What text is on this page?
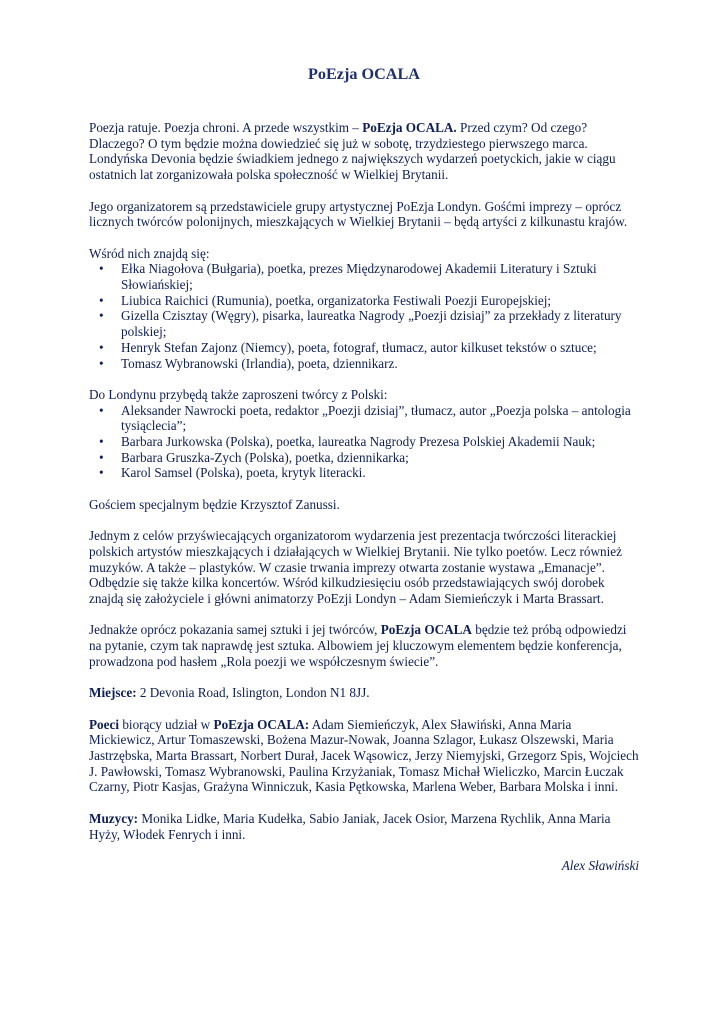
PoEzja OCALA

Poezja ratuje. Poezja chroni. A przede wszystkim – PoEzja OCALA. Przed czym? Od czego? Dlaczego? O tym będzie można dowiedzieć się już w sobotę, trzydziestego pierwszego marca. Londyńska Devonia będzie świadkiem jednego z największych wydarzeń poetyckich, jakie w ciągu ostatnich lat zorganizowała polska społeczność w Wielkiej Brytanii.

Jego organizatorem są przedstawiciele grupy artystycznej PoEzja Londyn. Gośćmi imprezy – oprócz licznych twórców polonijnych, mieszkających w Wielkiej Brytanii – będą artyści z kilkunastu krajów.

Wśród nich znajdą się:

• Ełka Niagołova (Bułgaria), poetka, prezes Międzynarodowej Akademii Literatury i Sztuki Słowiańskiej;
• Liubica Raichici (Rumunia), poetka, organizatorka Festiwali Poezji Europejskiej;
• Gizella Czisztay (Węgry), pisarka, laureatka Nagrody „Poezji dzisiaj” za przekłady z literatury polskiej;
• Henryk Stefan Zajonz (Niemcy), poeta, fotograf, tłumacz, autor kilkuset tekstów o sztuce;
• Tomasz Wybranowski (Irlandia), poeta, dziennikarz.

Do Londynu przybędą także zaproszeni twórcy z Polski:

• Aleksander Nawrocki poeta, redaktor „Poezji dzisiaj”, tłumacz, autor „Poezja polska – antologia tysiąclecia”;
• Barbara Jurkowska (Polska), poetka, laureatka Nagrody Prezesa Polskiej Akademii Nauk;
• Barbara Gruszka-Zych (Polska), poetka, dziennikarka;
• Karol Samsel (Polska), poeta, krytyk literacki.

Gościem specjalnym będzie Krzysztof Zanussi.

Jednym z celów przyświecających organizatorom wydarzenia jest prezentacja twórczości literackiej polskich artystów mieszkających i działających w Wielkiej Brytanii. Nie tylko poetów. Lecz również muzyków. A także – plastyków. W czasie trwania imprezy otwarta zostanie wystawa „Emanacje”. Odbędzie się także kilka koncertów. Wśród kilkudziesięciu osób przedstawiających swój dorobek znajdą się założyciele i główni animatorzy PoEzji Londyn – Adam Siemieńczyk i Marta Brassart.

Jednakże oprócz pokazania samej sztuki i jej twórców, PoEzja OCALA będzie też próbą odpowiedzi na pytanie, czym tak naprawdę jest sztuka. Albowiem jej kluczowym elementem będzie konferencja, prowadzona pod hasłem „Rola poezji we współczesnym świecie”.

Miejsce: 2 Devonia Road, Islington, London N1 8JJ.

Poeci biorący udział w PoEzja OCALA: Adam Siemieńczyk, Alex Sławiński, Anna Maria Mickiewicz, Artur Tomaszewski, Bożena Mazur-Nowak, Joanna Szlagor, Łukasz Olszewski, Maria Jastrzębska, Marta Brassart, Norbert Durał, Jacek Wąsowicz, Jerzy Niemyjski, Grzegorz Spis, Wojciech J. Pawłowski, Tomasz Wybranowski, Paulina Krzyżaniak, Tomasz Michał Wieliczko, Marcin Łuczak Czarny, Piotr Kasjas, Grażyna Winniczuk, Kasia Pętkowska, Marlena Weber, Barbara Molska i inni.

Muzycy: Monika Lidke, Maria Kudełka, Sabio Janiak, Jacek Osior, Marzena Rychlik, Anna Maria Hyży, Włodek Fenrych i inni.

Alex Sławiński
